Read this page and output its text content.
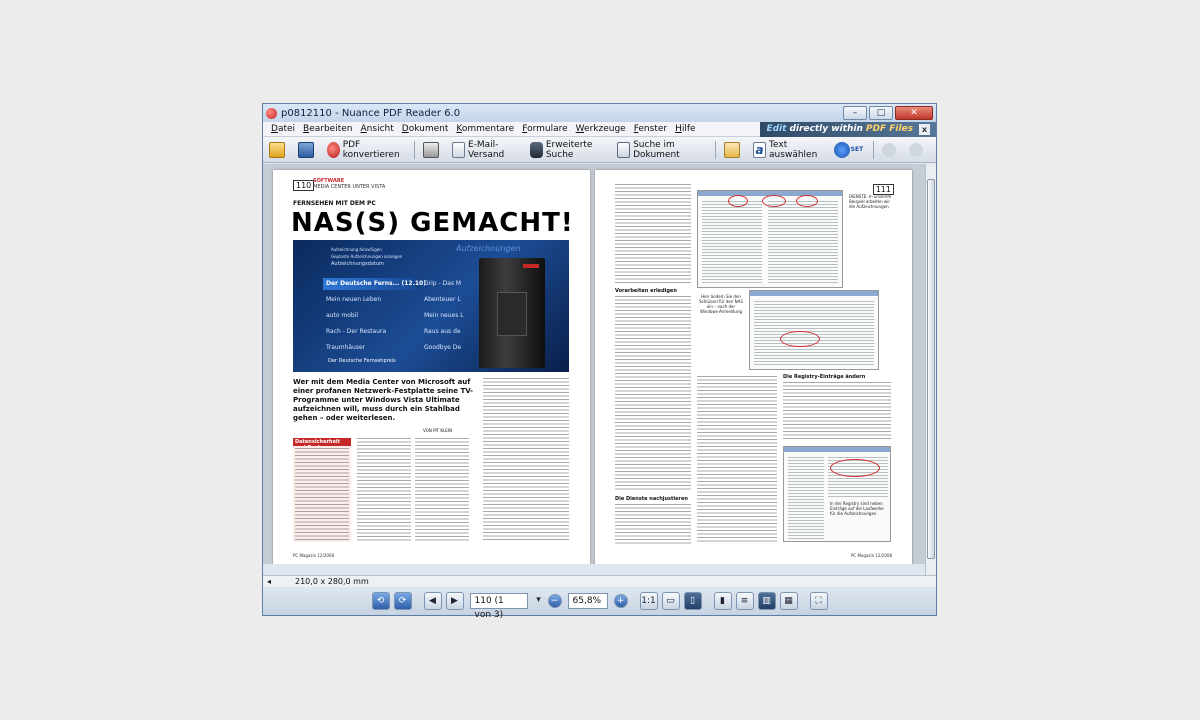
p0812110 - Nuance PDF Reader 6.0	–	□	✕
Datei Bearbeiten Ansicht Dokument Kommentare Formulare Werkzeuge Fenster Hilfe	Edit directly within PDF Files	x
PDF konvertieren
E-Mail-Versand
Erweiterte Suche
Suche im Dokument	a Text auswählen	SET
110 SOFTWARE
MEDIA CENTER UNTER VISTA
FERNSEHEN MIT DEM PC
NAS(S) GEMACHT!
Aufzeichnung hinzufügen
Geplante Aufzeichnungen anzeigen
Aufzeichnungsdatum
Aufzeichnungen
Der Deutsche Ferns... (12.10)
Mein neuen Leben
auto mobil
Rach - Der Restaura
Traumhäuser
Grip - Das M
Abenteuer L
Mein neues L
Raus aus de
Goodbye De
Der Deutsche Fernsehpreis
Wer mit dem Media Center von Microsoft auf einer profanen Netzwerk-Festplatte seine TV-Programme unter Windows Vista Ultimate aufzeichnen will, muss durch ein Stahlbad gehen – oder weiterlesen.
VON PIT KLEIN
Datensicherheit
PC Magazin 12/2008
111
Vorarbeiten erledigen
Die Dienste nachjustieren
DIENSTE: In unserem Beispiel arbeiten wir die Aufzeichnungen
Hier ändern Sie den Schlüssel für den NAS ein – nach der Windows-Anmeldung
Die Registry-Einträge ändern
In der Registry sind neben Einträge auf die Laufwerke für die Aufzeichnungen
PC Magazin 12/2008
◂	210,0 x 280,0 mm
⟲	⟳	◀	▶	110 (1 von 3)
▾	−	65,8%	+	1:1	▭	▯	▮	≡	▥	▦	⛶
